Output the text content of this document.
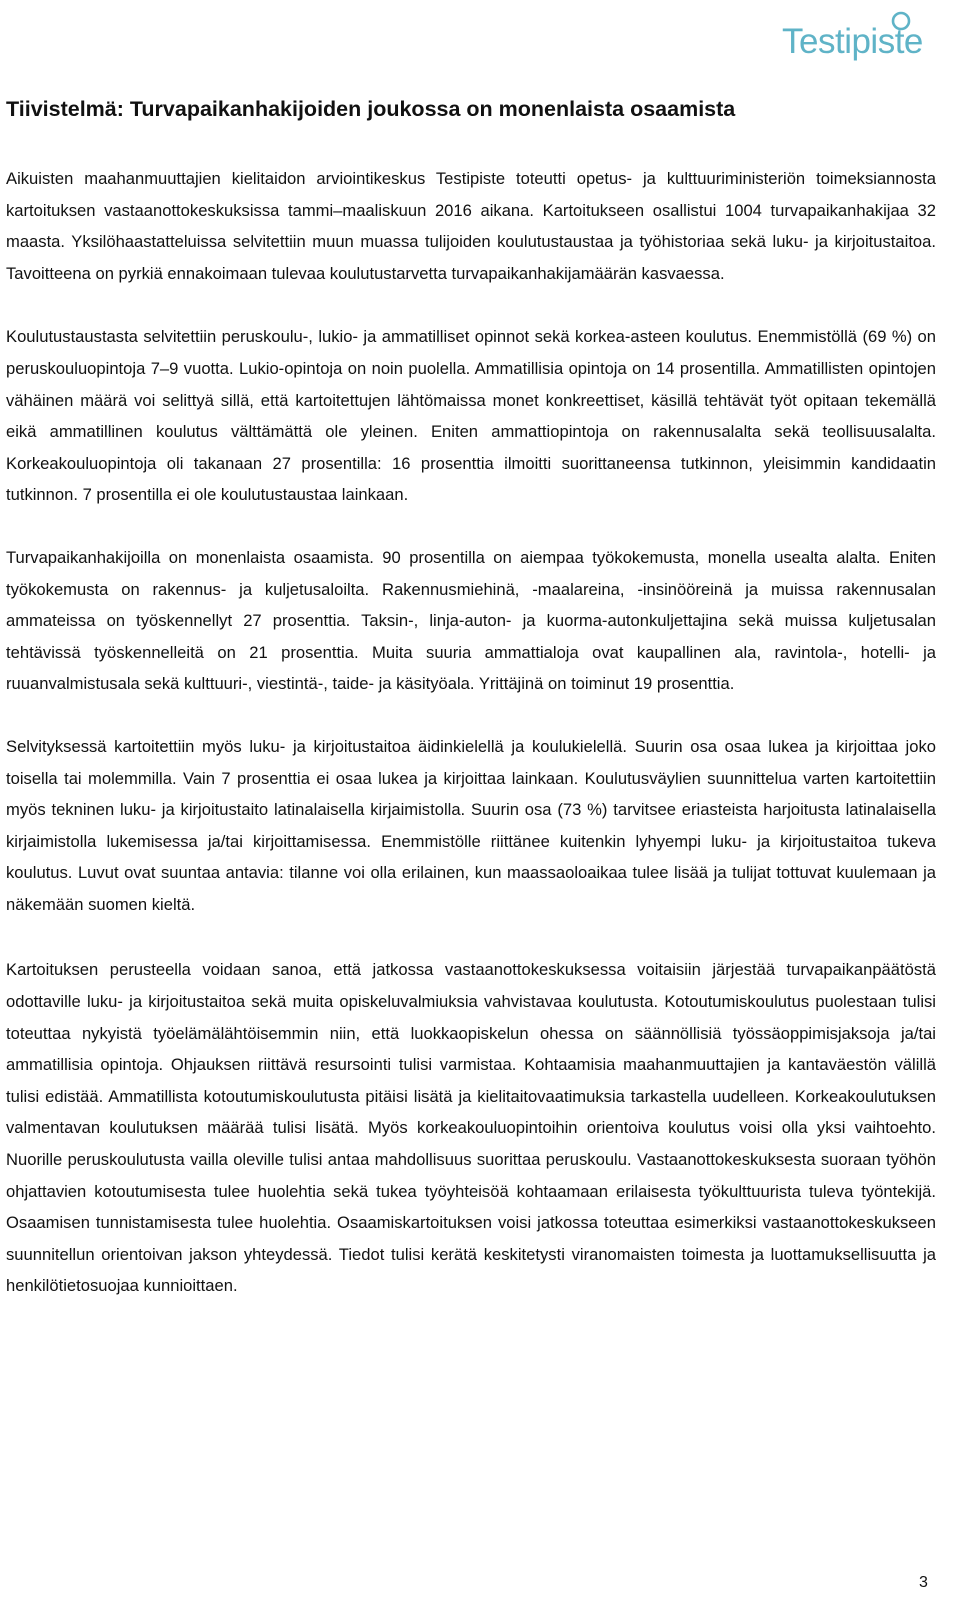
Testipiste
Tiivistelmä: Turvapaikanhakijoiden joukossa on monenlaista osaamista

Aikuisten maahanmuuttajien kielitaidon arviointikeskus Testipiste toteutti opetus- ja kulttuuriministeriön toimeksiannosta kartoituksen vastaanottokeskuksissa tammi–maaliskuun 2016 aikana. Kartoitukseen osallistui 1004 turvapaikanhakijaa 32 maasta. Yksilöhaastatteluissa selvitettiin muun muassa tulijoiden koulutustaustaa ja työhistoriaa sekä luku- ja kirjoitustaitoa. Tavoitteena on pyrkiä ennakoimaan tulevaa koulutustarvetta turvapaikanhakijamäärän kasvaessa.

Koulutustaustasta selvitettiin peruskoulu-, lukio- ja ammatilliset opinnot sekä korkea-asteen koulutus. Enemmistöllä (69 %) on peruskouluopintoja 7–9 vuotta. Lukio-opintoja on noin puolella. Ammatillisia opintoja on 14 prosentilla. Ammatillisten opintojen vähäinen määrä voi selittyä sillä, että kartoitettujen lähtömaissa monet konkreettiset, käsillä tehtävät työt opitaan tekemällä eikä ammatillinen koulutus välttämättä ole yleinen. Eniten ammattiopintoja on rakennusalalta sekä teollisuusalalta. Korkeakouluopintoja oli takanaan 27 prosentilla: 16 prosenttia ilmoitti suorittaneensa tutkinnon, yleisimmin kandidaatin tutkinnon. 7 prosentilla ei ole koulutustaustaa lainkaan.

Turvapaikanhakijoilla on monenlaista osaamista. 90 prosentilla on aiempaa työkokemusta, monella usealta alalta. Eniten työkokemusta on rakennus- ja kuljetusaloilta. Rakennusmiehinä, -maalareina, -insinööreinä ja muissa rakennusalan ammateissa on työskennellyt 27 prosenttia. Taksin-, linja-auton- ja kuorma-autonkuljettajina sekä muissa kuljetusalan tehtävissä työskennelleitä on 21 prosenttia. Muita suuria ammattialoja ovat kaupallinen ala, ravintola-, hotelli- ja ruuanvalmistusala sekä kulttuuri-, viestintä-, taide- ja käsityöala. Yrittäjinä on toiminut 19 prosenttia.

Selvityksessä kartoitettiin myös luku- ja kirjoitustaitoa äidinkielellä ja koulukielellä. Suurin osa osaa lukea ja kirjoittaa joko toisella tai molemmilla. Vain 7 prosenttia ei osaa lukea ja kirjoittaa lainkaan. Koulutusväylien suunnittelua varten kartoitettiin myös tekninen luku- ja kirjoitustaito latinalaisella kirjaimistolla. Suurin osa (73 %) tarvitsee eriasteista harjoitusta latinalaisella kirjaimistolla lukemisessa ja/tai kirjoittamisessa. Enemmistölle riittänee kuitenkin lyhyempi luku- ja kirjoitustaitoa tukeva koulutus. Luvut ovat suuntaa antavia: tilanne voi olla erilainen, kun maassaoloaikaa tulee lisää ja tulijat tottuvat kuulemaan ja näkemään suomen kieltä.

Kartoituksen perusteella voidaan sanoa, että jatkossa vastaanottokeskuksessa voitaisiin järjestää turvapaikanpäätöstä odottaville luku- ja kirjoitustaitoa sekä muita opiskeluvalmiuksia vahvistavaa koulutusta. Kotoutumiskoulutus puolestaan tulisi toteuttaa nykyistä työelämälähtöisemmin niin, että luokkaopiskelun ohessa on säännöllisiä työssäoppimisjaksoja ja/tai ammatillisia opintoja. Ohjauksen riittävä resursointi tulisi varmistaa. Kohtaamisia maahanmuuttajien ja kantaväestön välillä tulisi edistää. Ammatillista kotoutumiskoulutusta pitäisi lisätä ja kielitaitovaatimuksia tarkastella uudelleen. Korkeakoulutuksen valmentavan koulutuksen määrää tulisi lisätä. Myös korkeakouluopintoihin orientoiva koulutus voisi olla yksi vaihtoehto. Nuorille peruskoulutusta vailla oleville tulisi antaa mahdollisuus suorittaa peruskoulu. Vastaanottokeskuksesta suoraan työhön ohjattavien kotoutumisesta tulee huolehtia sekä tukea työyhteisöä kohtaamaan erilaisesta työkulttuurista tuleva työntekijä. Osaamisen tunnistamisesta tulee huolehtia. Osaamiskartoituksen voisi jatkossa toteuttaa esimerkiksi vastaanottokeskukseen suunnitellun orientoivan jakson yhteydessä. Tiedot tulisi kerätä keskitetysti viranomaisten toimesta ja luottamuksellisuutta ja henkilötietosuojaa kunnioittaen.

3
